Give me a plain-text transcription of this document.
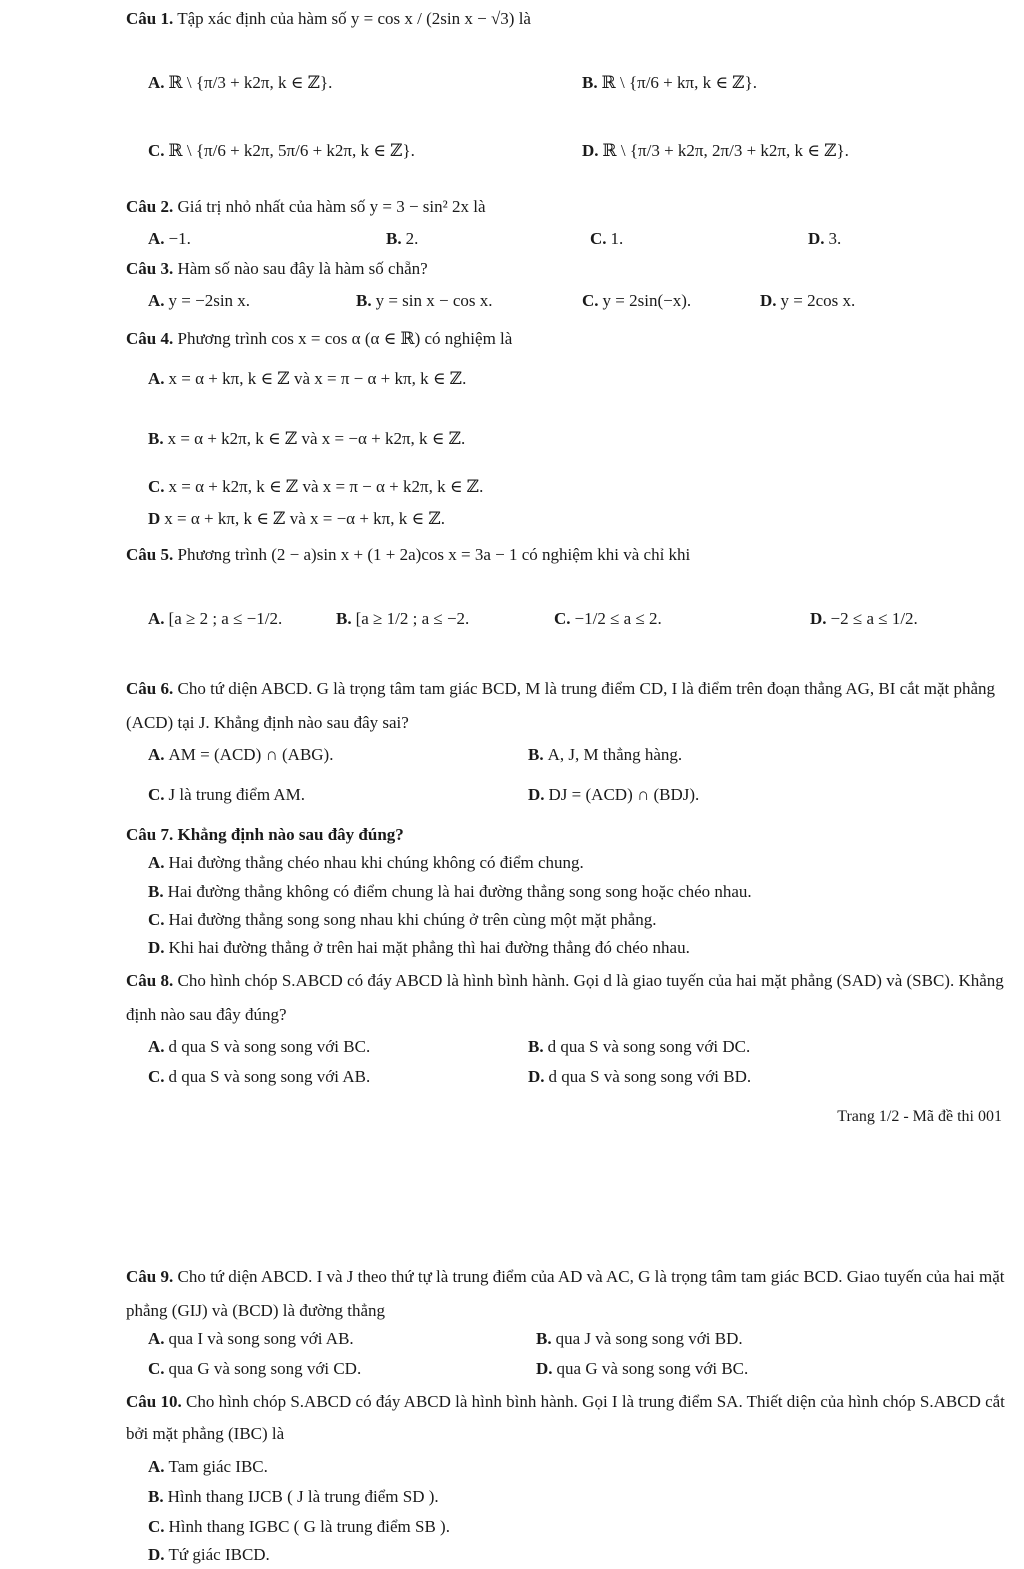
Câu 1. Tập xác định của hàm số y = cos x / (2sin x − √3) là
A. ℝ \ {π/3 + k2π, k ∈ ℤ}.	B. ℝ \ {π/6 + kπ, k ∈ ℤ}.
C. ℝ \ {π/6 + k2π, 5π/6 + k2π, k ∈ ℤ}.	D. ℝ \ {π/3 + k2π, 2π/3 + k2π, k ∈ ℤ}.
Câu 2. Giá trị nhỏ nhất của hàm số y = 3 − sin² 2x là
A. −1.	B. 2.	C. 1.	D. 3.
Câu 3. Hàm số nào sau đây là hàm số chẵn?
A. y = −2sin x.	B. y = sin x − cos x.	C. y = 2sin(−x).	D. y = 2cos x.
Câu 4. Phương trình cos x = cos α (α ∈ ℝ) có nghiệm là
A. x = α + kπ, k ∈ ℤ và x = π − α + kπ, k ∈ ℤ.
B. x = α + k2π, k ∈ ℤ và x = −α + k2π, k ∈ ℤ.
C. x = α + k2π, k ∈ ℤ và x = π − α + k2π, k ∈ ℤ.
D x = α + kπ, k ∈ ℤ và x = −α + kπ, k ∈ ℤ.
Câu 5. Phương trình (2 − a)sin x + (1 + 2a)cos x = 3a − 1 có nghiệm khi và chỉ khi
A. [a ≥ 2 ; a ≤ −1/2.	B. [a ≥ 1/2 ; a ≤ −2.	C. −1/2 ≤ a ≤ 2.	D. −2 ≤ a ≤ 1/2.
Câu 6. Cho tứ diện ABCD. G là trọng tâm tam giác BCD, M là trung điểm CD, I là điểm trên đoạn thẳng AG, BI cắt mặt phẳng (ACD) tại J. Khẳng định nào sau đây sai?
A. AM = (ACD) ∩ (ABG).	B. A, J, M thẳng hàng.
C. J là trung điểm AM.	D. DJ = (ACD) ∩ (BDJ).
Câu 7. Khẳng định nào sau đây đúng?
A. Hai đường thẳng chéo nhau khi chúng không có điểm chung.
B. Hai đường thẳng không có điểm chung là hai đường thẳng song song hoặc chéo nhau.
C. Hai đường thẳng song song nhau khi chúng ở trên cùng một mặt phẳng.
D. Khi hai đường thẳng ở trên hai mặt phẳng thì hai đường thẳng đó chéo nhau.
Câu 8. Cho hình chóp S.ABCD có đáy ABCD là hình bình hành. Gọi d là giao tuyến của hai mặt phẳng (SAD) và (SBC). Khẳng định nào sau đây đúng?
A. d qua S và song song với BC.	B. d qua S và song song với DC.
C. d qua S và song song với AB.	D. d qua S và song song với BD.
Trang 1/2 - Mã đề thi 001
Câu 9. Cho tứ diện ABCD. I và J theo thứ tự là trung điểm của AD và AC, G là trọng tâm tam giác BCD. Giao tuyến của hai mặt phẳng (GIJ) và (BCD) là đường thẳng
A. qua I và song song với AB.	B. qua J và song song với BD.
C. qua G và song song với CD.	D. qua G và song song với BC.
Câu 10. Cho hình chóp S.ABCD có đáy ABCD là hình bình hành. Gọi I là trung điểm SA. Thiết diện của hình chóp S.ABCD cắt bởi mặt phẳng (IBC) là
A. Tam giác IBC.
B. Hình thang IJCB ( J là trung điểm SD ).
C. Hình thang IGBC ( G là trung điểm SB ).
D. Tứ giác IBCD.
